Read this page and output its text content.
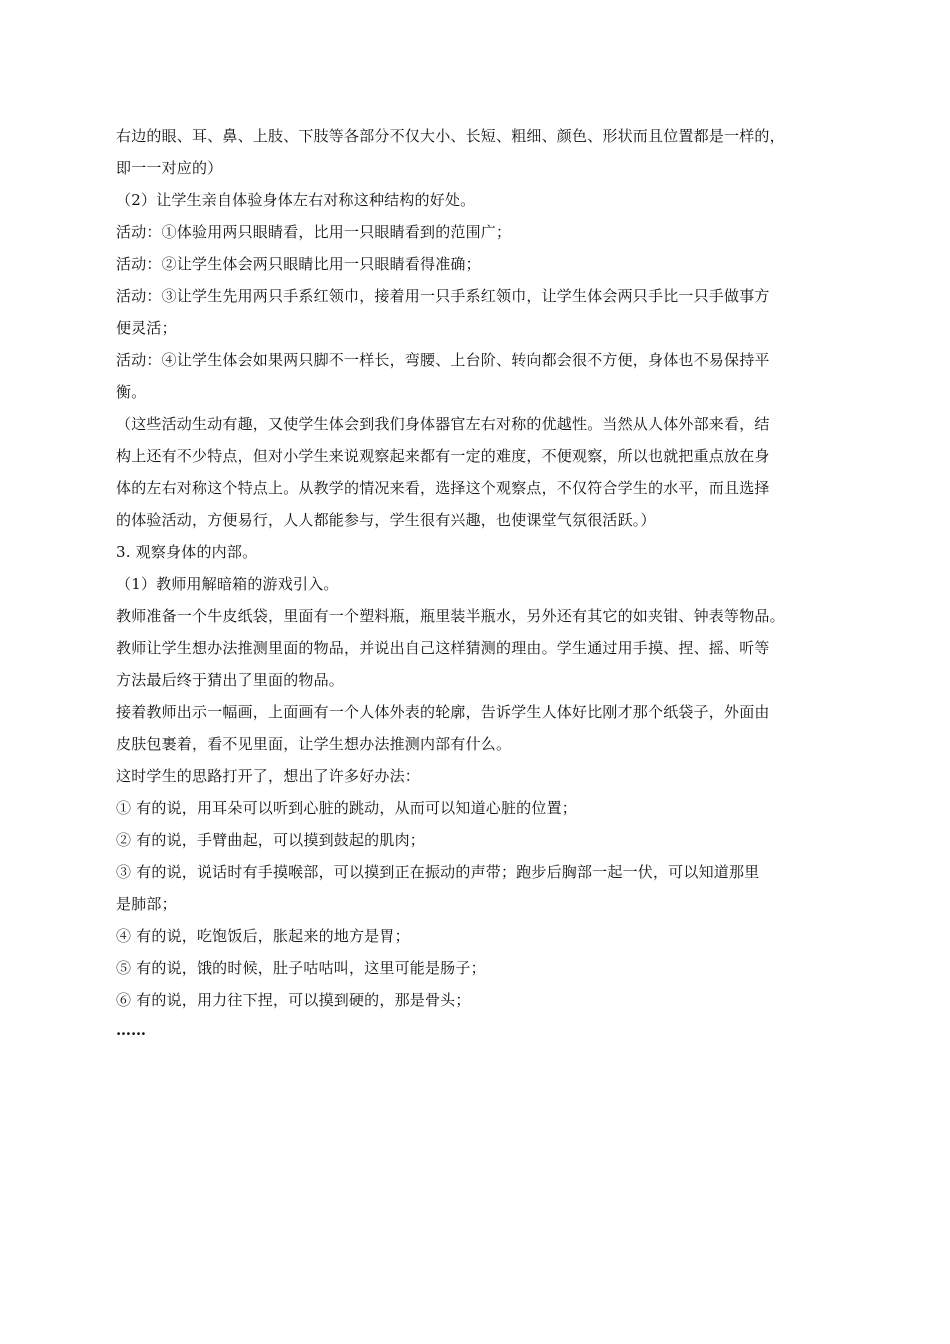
右边的眼、耳、鼻、上肢、下肢等各部分不仅大小、长短、粗细、颜色、形状而且位置都是一样的，
即一一对应的）
（2）让学生亲自体验身体左右对称这种结构的好处。
活动：①体验用两只眼睛看，比用一只眼睛看到的范围广；
活动：②让学生体会两只眼睛比用一只眼睛看得准确；
活动：③让学生先用两只手系红领巾，接着用一只手系红领巾，让学生体会两只手比一只手做事方
便灵活；
活动：④让学生体会如果两只脚不一样长，弯腰、上台阶、转向都会很不方便，身体也不易保持平
衡。
（这些活动生动有趣，又使学生体会到我们身体器官左右对称的优越性。当然从人体外部来看，结
构上还有不少特点，但对小学生来说观察起来都有一定的难度，不便观察，所以也就把重点放在身
体的左右对称这个特点上。从教学的情况来看，选择这个观察点，不仅符合学生的水平，而且选择
的体验活动，方便易行，人人都能参与，学生很有兴趣，也使课堂气氛很活跃。）
3. 观察身体的内部。
（1）教师用解暗箱的游戏引入。
教师准备一个牛皮纸袋，里面有一个塑料瓶，瓶里装半瓶水，另外还有其它的如夹钳、钟表等物品。
教师让学生想办法推测里面的物品，并说出自己这样猜测的理由。学生通过用手摸、捏、摇、听等
方法最后终于猜出了里面的物品。
接着教师出示一幅画，上面画有一个人体外表的轮廓，告诉学生人体好比刚才那个纸袋子，外面由
皮肤包裹着，看不见里面，让学生想办法推测内部有什么。
这时学生的思路打开了，想出了许多好办法：
① 有的说，用耳朵可以听到心脏的跳动，从而可以知道心脏的位置；
② 有的说，手臂曲起，可以摸到鼓起的肌肉；
③ 有的说，说话时有手摸喉部，可以摸到正在振动的声带；跑步后胸部一起一伏，可以知道那里
是肺部；
④ 有的说，吃饱饭后，胀起来的地方是胃；
⑤ 有的说，饿的时候，肚子咕咕叫，这里可能是肠子；
⑥ 有的说，用力往下捏，可以摸到硬的，那是骨头；
……
